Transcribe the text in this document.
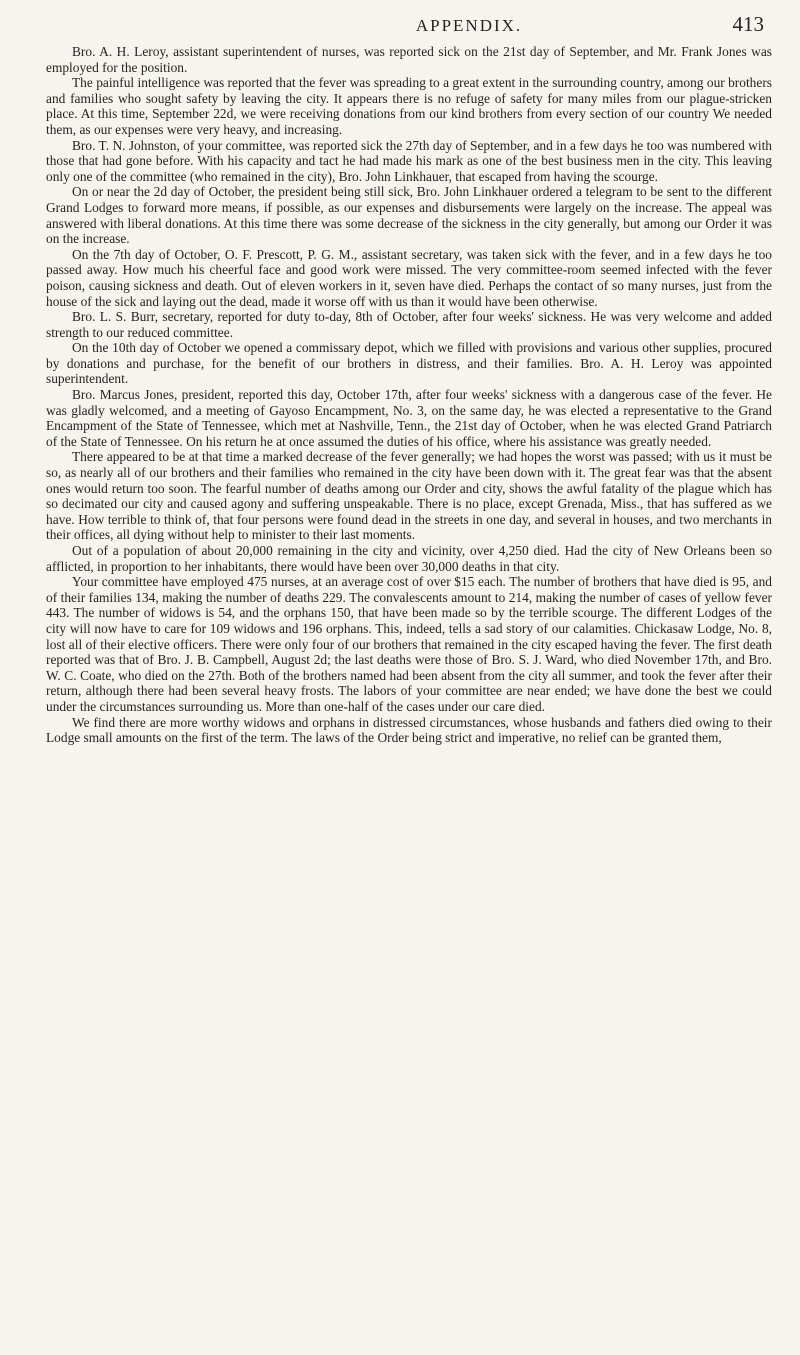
APPENDIX.	413

Bro. A. H. Leroy, assistant superintendent of nurses, was reported sick on the 21st day of September, and Mr. Frank Jones was employed for the position.

The painful intelligence was reported that the fever was spreading to a great extent in the surrounding country, among our brothers and families who sought safety by leaving the city. It appears there is no refuge of safety for many miles from our plague-stricken place. At this time, September 22d, we were receiving donations from our kind brothers from every section of our country We needed them, as our expenses were very heavy, and increasing.

Bro. T. N. Johnston, of your committee, was reported sick the 27th day of September, and in a few days he too was numbered with those that had gone before. With his capacity and tact he had made his mark as one of the best business men in the city. This leaving only one of the committee (who remained in the city), Bro. John Linkhauer, that escaped from having the scourge.

On or near the 2d day of October, the president being still sick, Bro. John Linkhauer ordered a telegram to be sent to the different Grand Lodges to forward more means, if possible, as our expenses and disbursements were largely on the increase. The appeal was answered with liberal donations. At this time there was some decrease of the sickness in the city generally, but among our Order it was on the increase.

On the 7th day of October, O. F. Prescott, P. G. M., assistant secretary, was taken sick with the fever, and in a few days he too passed away. How much his cheerful face and good work were missed. The very committee-room seemed infected with the fever poison, causing sickness and death. Out of eleven workers in it, seven have died. Perhaps the contact of so many nurses, just from the house of the sick and laying out the dead, made it worse off with us than it would have been otherwise.

Bro. L. S. Burr, secretary, reported for duty to-day, 8th of October, after four weeks' sickness. He was very welcome and added strength to our reduced committee.

On the 10th day of October we opened a commissary depot, which we filled with provisions and various other supplies, procured by donations and purchase, for the benefit of our brothers in distress, and their families. Bro. A. H. Leroy was appointed superintendent.

Bro. Marcus Jones, president, reported this day, October 17th, after four weeks' sickness with a dangerous case of the fever. He was gladly welcomed, and a meeting of Gayoso Encampment, No. 3, on the same day, he was elected a representative to the Grand Encampment of the State of Tennessee, which met at Nashville, Tenn., the 21st day of October, when he was elected Grand Patriarch of the State of Tennessee. On his return he at once assumed the duties of his office, where his assistance was greatly needed.

There appeared to be at that time a marked decrease of the fever generally; we had hopes the worst was passed; with us it must be so, as nearly all of our brothers and their families who remained in the city have been down with it. The great fear was that the absent ones would return too soon. The fearful number of deaths among our Order and city, shows the awful fatality of the plague which has so decimated our city and caused agony and suffering unspeakable. There is no place, except Grenada, Miss., that has suffered as we have. How terrible to think of, that four persons were found dead in the streets in one day, and several in houses, and two merchants in their offices, all dying without help to minister to their last moments.

Out of a population of about 20,000 remaining in the city and vicinity, over 4,250 died. Had the city of New Orleans been so afflicted, in proportion to her inhabitants, there would have been over 30,000 deaths in that city.

Your committee have employed 475 nurses, at an average cost of over $15 each. The number of brothers that have died is 95, and of their families 134, making the number of deaths 229. The convalescents amount to 214, making the number of cases of yellow fever 443. The number of widows is 54, and the orphans 150, that have been made so by the terrible scourge. The different Lodges of the city will now have to care for 109 widows and 196 orphans. This, indeed, tells a sad story of our calamities. Chickasaw Lodge, No. 8, lost all of their elective officers. There were only four of our brothers that remained in the city escaped having the fever. The first death reported was that of Bro. J. B. Campbell, August 2d; the last deaths were those of Bro. S. J. Ward, who died November 17th, and Bro. W. C. Coate, who died on the 27th. Both of the brothers named had been absent from the city all summer, and took the fever after their return, although there had been several heavy frosts. The labors of your committee are near ended; we have done the best we could under the circumstances surrounding us. More than one-half of the cases under our care died.

We find there are more worthy widows and orphans in distressed circumstances, whose husbands and fathers died owing to their Lodge small amounts on the first of the term. The laws of the Order being strict and imperative, no relief can be granted them,
